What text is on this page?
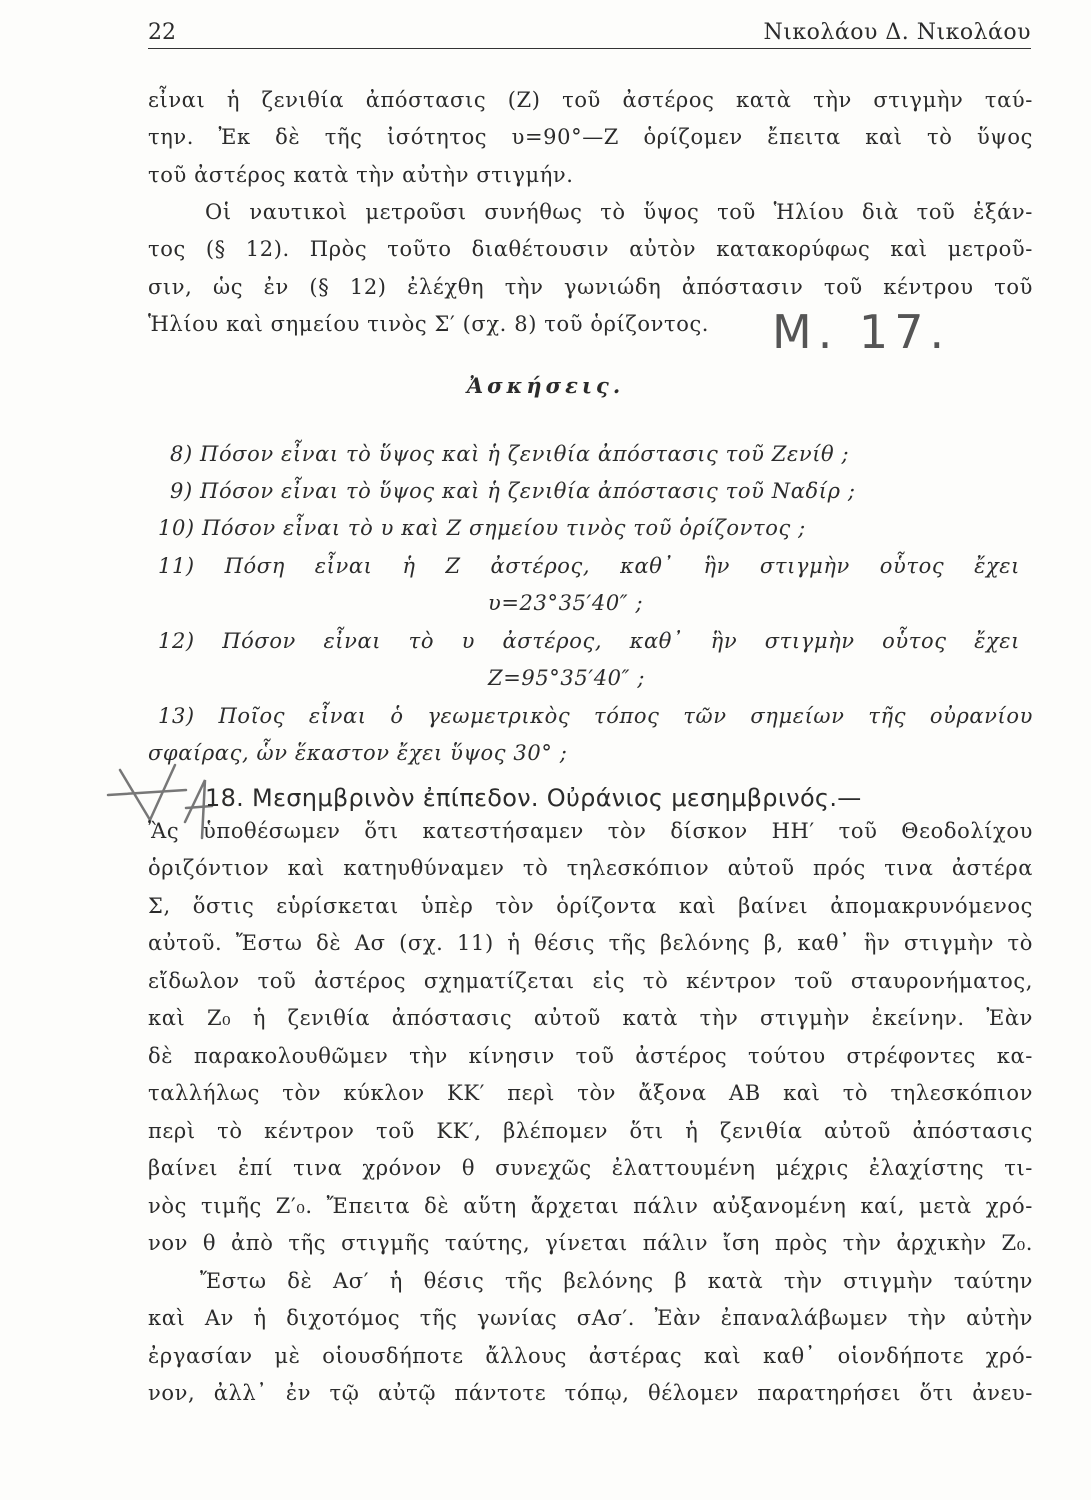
22	Νικολάου Δ. Νικολάου
εἶναι ἡ ζενιθία ἀπόστασις (Ζ) τοῦ ἀστέρος κατὰ τὴν στιγμὴν ταύ-
την. Ἐκ δὲ τῆς ἰσότητος υ=90°—Ζ ὁρίζομεν ἔπειτα καὶ τὸ ὕψος
τοῦ ἀστέρος κατὰ τὴν αὐτὴν στιγμήν.
Οἱ ναυτικοὶ μετροῦσι συνήθως τὸ ὕψος τοῦ Ἡλίου διὰ τοῦ ἑξάν-
τος (§ 12). Πρὸς τοῦτο διαθέτουσιν αὐτὸν κατακορύφως καὶ μετροῦ-
σιν, ὡς ἐν (§ 12) ἐλέχθη τὴν γωνιώδη ἀπόστασιν τοῦ κέντρου τοῦ
Ἡλίου καὶ σημείου τινὸς Σ′ (σχ. 8) τοῦ ὁρίζοντος.	Μ. 17.
Ἀσκήσεις.
8) Πόσον εἶναι τὸ ὕψος καὶ ἡ ζενιθία ἀπόστασις τοῦ Ζενίθ ;
9) Πόσον εἶναι τὸ ὕψος καὶ ἡ ζενιθία ἀπόστασις τοῦ Ναδίρ ;
10) Πόσον εἶναι τὸ υ καὶ Ζ σημείου τινὸς τοῦ ὁρίζοντος ;
11) Πόση εἶναι ἡ Ζ ἀστέρος, καθ᾽ ἣν στιγμὴν οὗτος ἔχει
υ=23°35′40″ ;
12) Πόσον εἶναι τὸ υ ἀστέρος, καθ᾽ ἣν στιγμὴν οὗτος ἔχει
Ζ=95°35′40″ ;
13) Ποῖος εἶναι ὁ γεωμετρικὸς τόπος τῶν σημείων τῆς οὐρανίου
σφαίρας, ὧν ἕκαστον ἔχει ὕψος 30° ;
18. Μεσημβρινὸν ἐπίπεδον. Οὐράνιος μεσημβρινός.—
Ἂς ὑποθέσωμεν ὅτι κατεστήσαμεν τὸν δίσκον ΗΗ′ τοῦ Θεοδολίχου
ὁριζόντιον καὶ κατηυθύναμεν τὸ τηλεσκόπιον αὐτοῦ πρός τινα ἀστέρα
Σ, ὅστις εὑρίσκεται ὑπὲρ τὸν ὁρίζοντα καὶ βαίνει ἀπομακρυνόμενος
αὐτοῦ. Ἔστω δὲ Ασ (σχ. 11) ἡ θέσις τῆς βελόνης β, καθ᾽ ἣν στιγμὴν τὸ
εἴδωλον τοῦ ἀστέρος σχηματίζεται εἰς τὸ κέντρον τοῦ σταυρονήματος,
καὶ Ζ₀ ἡ ζενιθία ἀπόστασις αὐτοῦ κατὰ τὴν στιγμὴν ἐκείνην. Ἐὰν
δὲ παρακολουθῶμεν τὴν κίνησιν τοῦ ἀστέρος τούτου στρέφοντες κα-
ταλλήλως τὸν κύκλον ΚΚ′ περὶ τὸν ἄξονα ΑΒ καὶ τὸ τηλεσκόπιον
περὶ τὸ κέντρον τοῦ ΚΚ′, βλέπομεν ὅτι ἡ ζενιθία αὐτοῦ ἀπόστασις
βαίνει ἐπί τινα χρόνον θ συνεχῶς ἐλαττουμένη μέχρις ἐλαχίστης τι-
νὸς τιμῆς Ζ′₀. Ἔπειτα δὲ αὕτη ἄρχεται πάλιν αὐξανομένη καί, μετὰ χρό-
νον θ ἀπὸ τῆς στιγμῆς ταύτης, γίνεται πάλιν ἴση πρὸς τὴν ἀρχικὴν Ζ₀.
Ἔστω δὲ Ασ′ ἡ θέσις τῆς βελόνης β κατὰ τὴν στιγμὴν ταύτην
καὶ Αν ἡ διχοτόμος τῆς γωνίας σΑσ′. Ἐὰν ἐπαναλάβωμεν τὴν αὐτὴν
ἐργασίαν μὲ οἱουσδήποτε ἄλλους ἀστέρας καὶ καθ᾽ οἱονδήποτε χρό-
νον, ἀλλ᾽ ἐν τῷ αὐτῷ πάντοτε τόπῳ, θέλομεν παρατηρήσει ὅτι ἀνευ-
